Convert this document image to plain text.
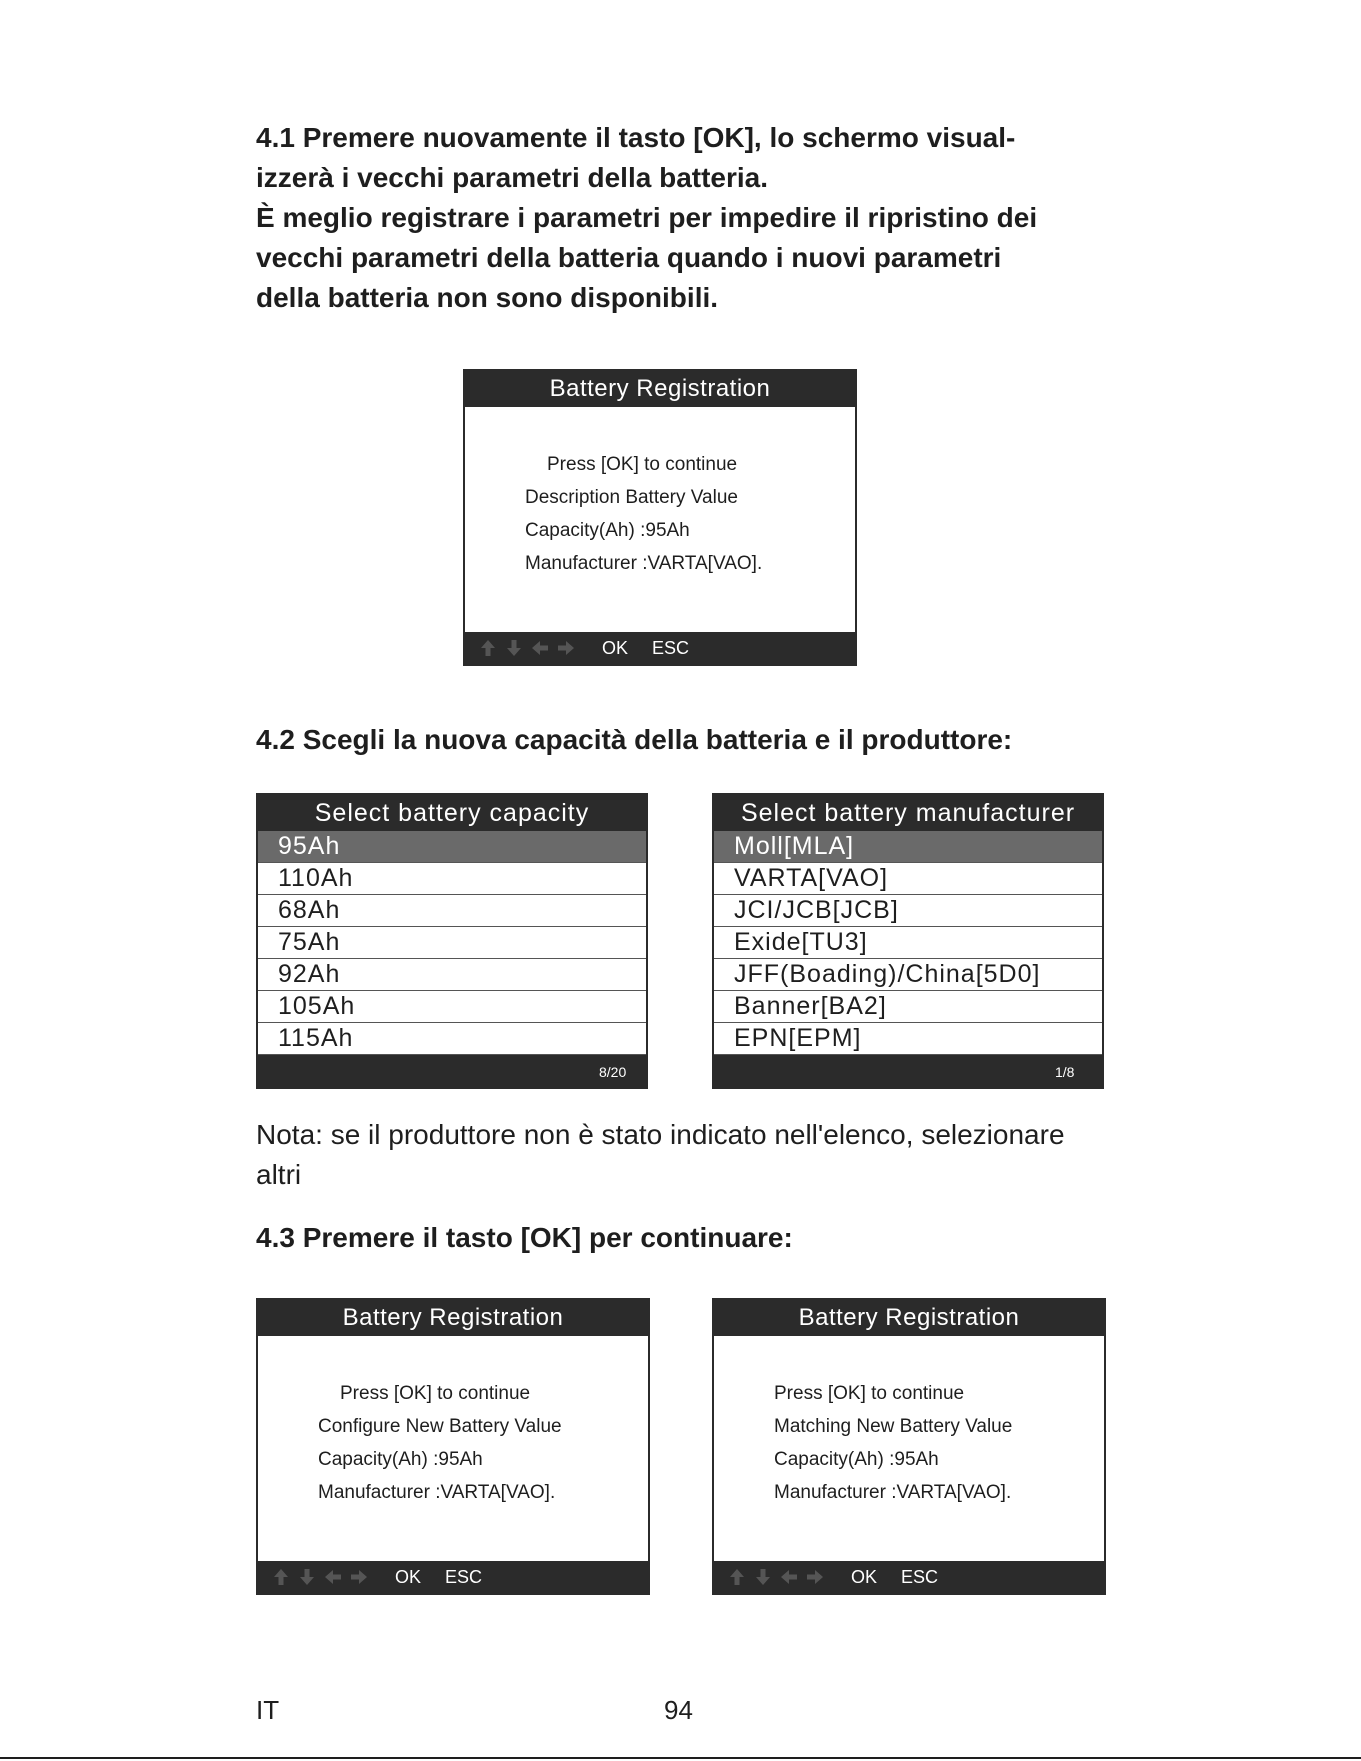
4.1 Premere nuovamente il tasto [OK], lo schermo visual-
izzerà i vecchi parametri della batteria.
È meglio registrare i parametri per impedire il ripristino dei
vecchi parametri della batteria quando i nuovi parametri
della batteria non sono disponibili.
Battery Registration
Press [OK] to continue
Description Battery Value
Capacity(Ah) :95Ah
Manufacturer :VARTA[VAO].
OK ESC
4.2 Scegli la nuova capacità della batteria e il produttore:
Select battery capacity
95Ah
110Ah
68Ah
75Ah
92Ah
105Ah
115Ah
8/20
Select battery manufacturer
Moll[MLA]
VARTA[VAO]
JCI/JCB[JCB]
Exide[TU3]
JFF(Boading)/China[5D0]
Banner[BA2]
EPN[EPM]
1/8
Nota: se il produttore non è stato indicato nell'elenco, selezionare
altri
4.3 Premere il tasto [OK] per continuare:
Battery Registration
Press [OK] to continue
Configure New Battery Value
Capacity(Ah) :95Ah
Manufacturer :VARTA[VAO].
OK ESC
Battery Registration
Press [OK] to continue
Matching New Battery Value
Capacity(Ah) :95Ah
Manufacturer :VARTA[VAO].
OK ESC
IT	94
